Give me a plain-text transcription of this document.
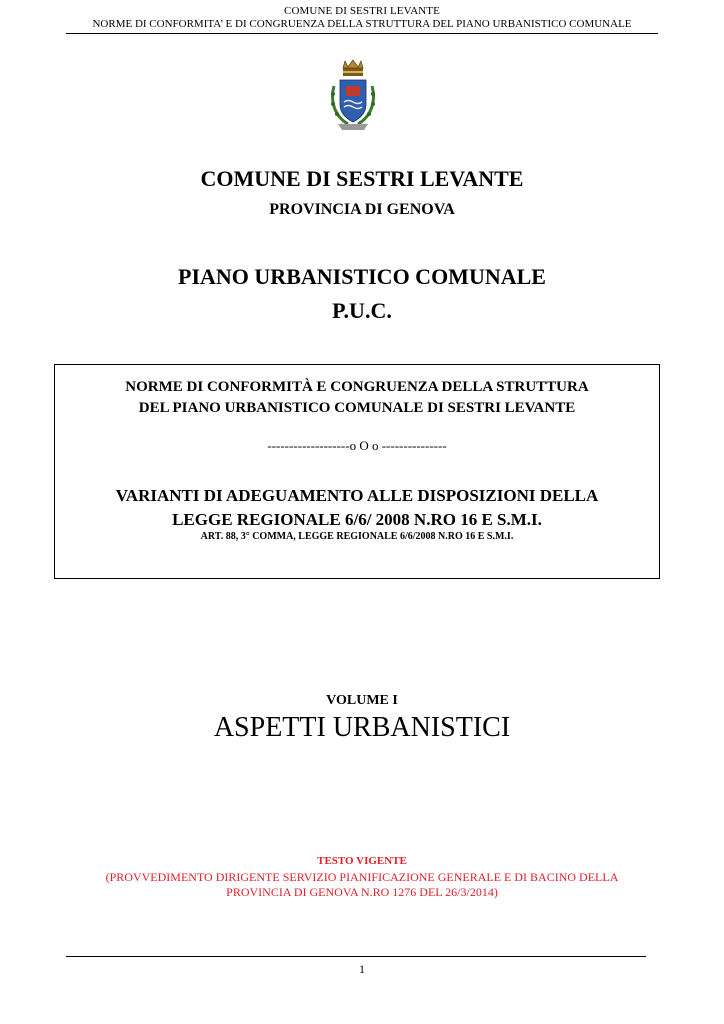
COMUNE DI SESTRI LEVANTE
NORME DI CONFORMITA’ E DI CONGRUENZA DELLA STRUTTURA DEL PIANO URBANISTICO COMUNALE
COMUNE DI SESTRI LEVANTE
PROVINCIA DI GENOVA
PIANO URBANISTICO COMUNALE
P.U.C.
NORME DI CONFORMITÀ E CONGRUENZA DELLA STRUTTURA
DEL PIANO URBANISTICO COMUNALE DI SESTRI LEVANTE
-------------------o O o ---------------
VARIANTI DI ADEGUAMENTO ALLE DISPOSIZIONI DELLA
LEGGE REGIONALE 6/6/ 2008 N.RO 16 E S.M.I.
ART. 88, 3° COMMA, LEGGE REGIONALE 6/6/2008 N.RO 16 E S.M.I.
VOLUME I
ASPETTI URBANISTICI
TESTO VIGENTE
(PROVVEDIMENTO DIRIGENTE SERVIZIO PIANIFICAZIONE GENERALE E DI BACINO DELLA
PROVINCIA DI GENOVA N.RO 1276 DEL 26/3/2014)
1
